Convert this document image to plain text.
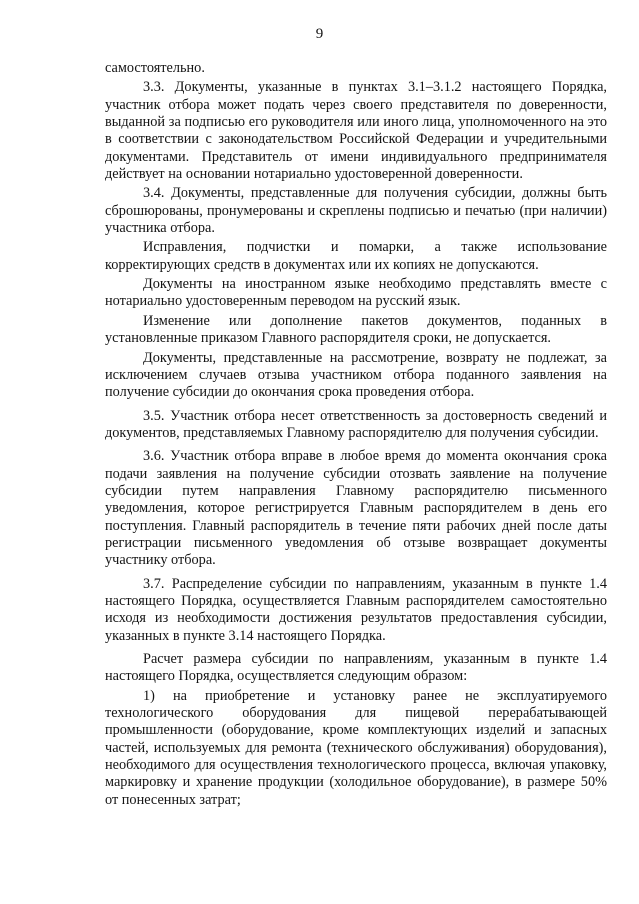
9

самостоятельно.

3.3. Документы, указанные в пунктах 3.1–3.1.2 настоящего Порядка, участник отбора может подать через своего представителя по доверенности, выданной за подписью его руководителя или иного лица, уполномоченного на это в соответствии с законодательством Российской Федерации и учредительными документами. Представитель от имени индивидуального предпринимателя действует на основании нотариально удостоверенной доверенности.

3.4. Документы, представленные для получения субсидии, должны быть сброшюрованы, пронумерованы и скреплены подписью и печатью (при наличии) участника отбора.

Исправления, подчистки и помарки, а также использование корректирующих средств в документах или их копиях не допускаются.

Документы на иностранном языке необходимо представлять вместе с нотариально удостоверенным переводом на русский язык.

Изменение или дополнение пакетов документов, поданных в установленные приказом Главного распорядителя сроки, не допускается.

Документы, представленные на рассмотрение, возврату не подлежат, за исключением случаев отзыва участником отбора поданного заявления на получение субсидии до окончания срока проведения отбора.

3.5. Участник отбора несет ответственность за достоверность сведений и документов, представляемых Главному распорядителю для получения субсидии.

3.6. Участник отбора вправе в любое время до момента окончания срока подачи заявления на получение субсидии отозвать заявление на получение субсидии путем направления Главному распорядителю письменного уведомления, которое регистрируется Главным распорядителем в день его поступления. Главный распорядитель в течение пяти рабочих дней после даты регистрации письменного уведомления об отзыве возвращает документы участнику отбора.

3.7. Распределение субсидии по направлениям, указанным в пункте 1.4 настоящего Порядка, осуществляется Главным распорядителем самостоятельно исходя из необходимости достижения результатов предоставления субсидии, указанных в пункте 3.14 настоящего Порядка.

Расчет размера субсидии по направлениям, указанным в пункте 1.4 настоящего Порядка, осуществляется следующим образом:

1) на приобретение и установку ранее не эксплуатируемого технологического оборудования для пищевой перерабатывающей промышленности (оборудование, кроме комплектующих изделий и запасных частей, используемых для ремонта (технического обслуживания) оборудования), необходимого для осуществления технологического процесса, включая упаковку, маркировку и хранение продукции (холодильное оборудование), в размере 50% от понесенных затрат;
